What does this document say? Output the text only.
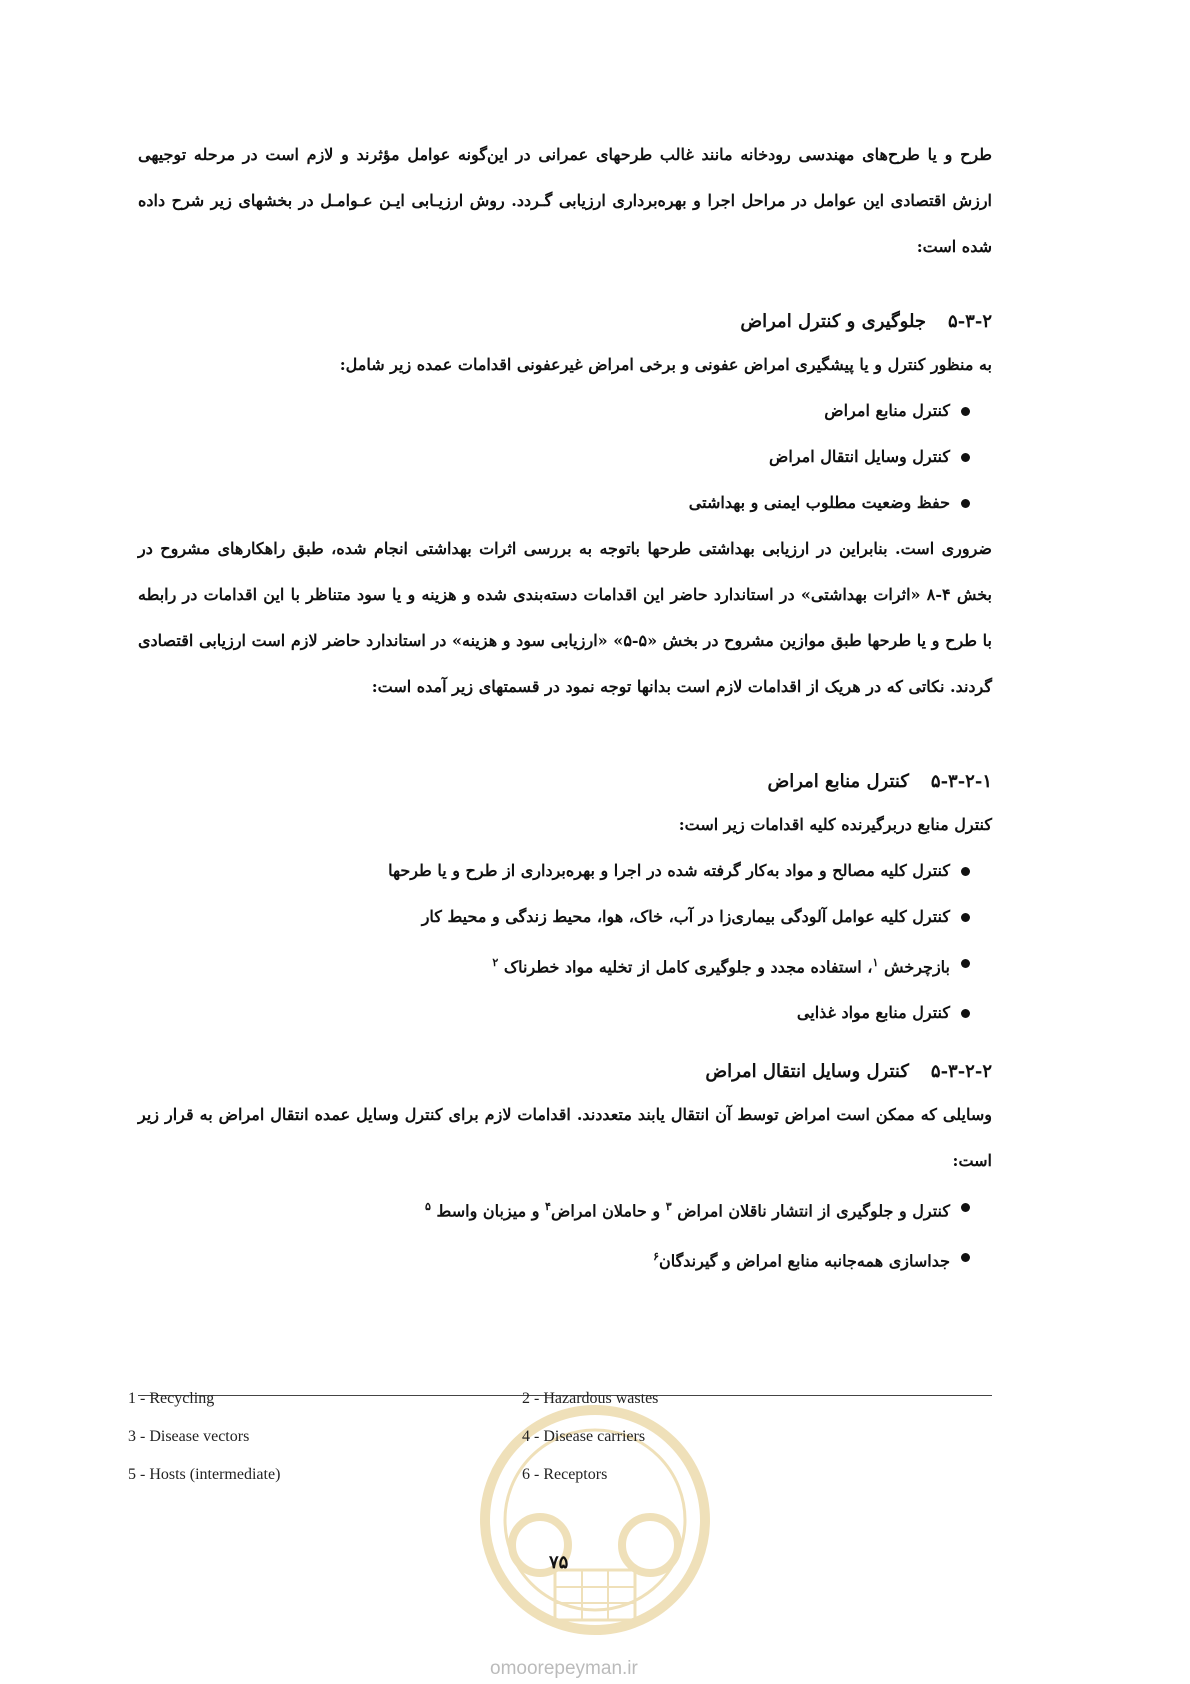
طرح و یا طرح‌های مهندسی رودخانه مانند غالب طرحهای عمرانی در این‌گونه عوامل مؤثرند و لازم است در مرحله توجیهی ارزش اقتصادی این عوامل در مراحل اجرا و بهره‌برداری ارزیابی گـردد. روش ارزیـابی ایـن عـوامـل در بخشهای زیر شرح داده شده است:

۵-۳-۲جلوگیری و کنترل امراض

به منظور کنترل و یا پیشگیری امراض عفونی و برخی امراض غیرعفونی اقدامات عمده زیر شامل:

کنترل منابع امراض
کنترل وسایل انتقال امراض
حفظ وضعیت مطلوب ایمنی و بهداشتی

ضروری است. بنابراین در ارزیابی بهداشتی طرحها باتوجه به بررسی اثرات بهداشتی انجام شده، طبق راهکارهای مشروح در بخش ۴-۸ «اثرات بهداشتی» در استاندارد حاضر این اقدامات دسته‌بندی شده و هزینه و یا سود متناظر با این اقدامات در رابطه با طرح و یا طرحها طبق موازین مشروح در بخش «۵-۵» «ارزیابی سود و هزینه» در استاندارد حاضر لازم است ارزیابی اقتصادی گردند. نکاتی که در هریک از اقدامات لازم است بدانها توجه نمود در قسمتهای زیر آمده است:

۵-۳-۲-۱کنترل منابع امراض

کنترل منابع دربرگیرنده کلیه اقدامات زیر است:

کنترل کلیه مصالح و مواد به‌کار گرفته شده در اجرا و بهره‌برداری از طرح و یا طرحها
کنترل کلیه عوامل آلودگی بیماری‌زا در آب، خاک، هوا، محیط زندگی و محیط کار
بازچرخش $^۱$، استفاده مجدد و جلوگیری کامل از تخلیه مواد خطرناک $^۲$
کنترل منابع مواد غذایی

۵-۳-۲-۲کنترل وسایل انتقال امراض

وسایلی که ممکن است امراض توسط آن انتقال یابند متعددند. اقدامات لازم برای کنترل وسایل عمده انتقال امراض به قرار زیر است:

کنترل و جلوگیری از انتشار ناقلان امراض $^۳$ و حاملان امراض$^۴$ و میزبان واسط $^۵$
جداسازی همه‌جانبه منابع امراض و گیرندگان$^۶$
1 - Recycling	2 - Hazardous wastes
3 - Disease vectors	4 - Disease carriers
5 - Hosts (intermediate)	6 - Receptors
۷۵
omoorepeyman.ir
